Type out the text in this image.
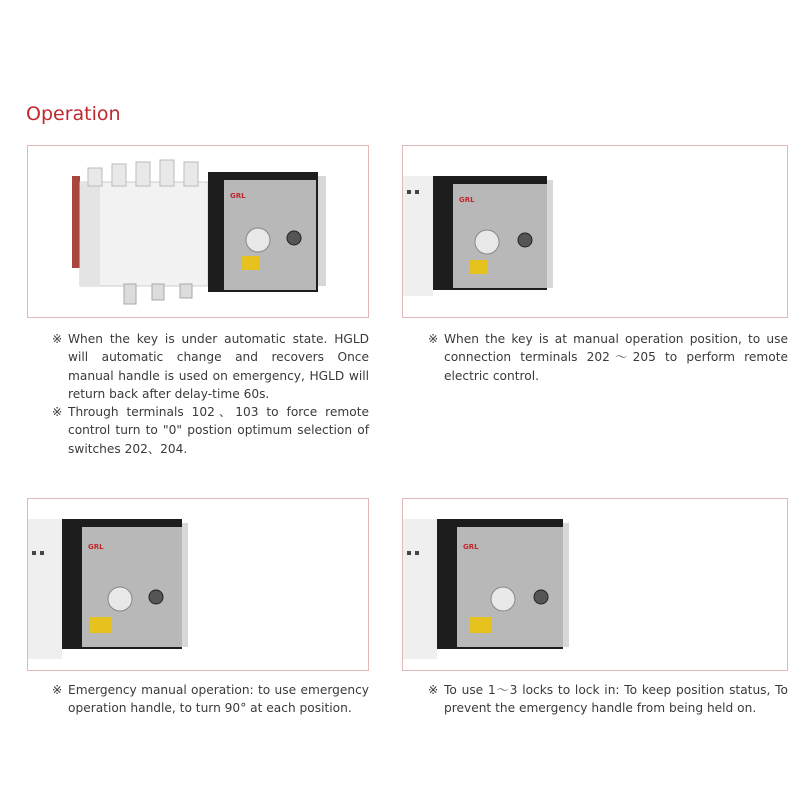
Operation
GRL
※ When the key is under automatic state. HGLD will automatic change and recovers Once manual handle is used on emergency, HGLD will return back after delay-time 60s.
※ Through terminals 102、103 to force remote control turn to "0" postion optimum selection of switches 202、204.
GRL
※ When the key is at manual operation position, to use connection terminals 202～205 to perform remote electric control.
GRL
※ Emergency manual operation: to use emergency operation handle, to turn 90° at each position.
GRL
※ To use 1～3 locks to lock in: To keep position status, To prevent the emergency handle from being held on.
